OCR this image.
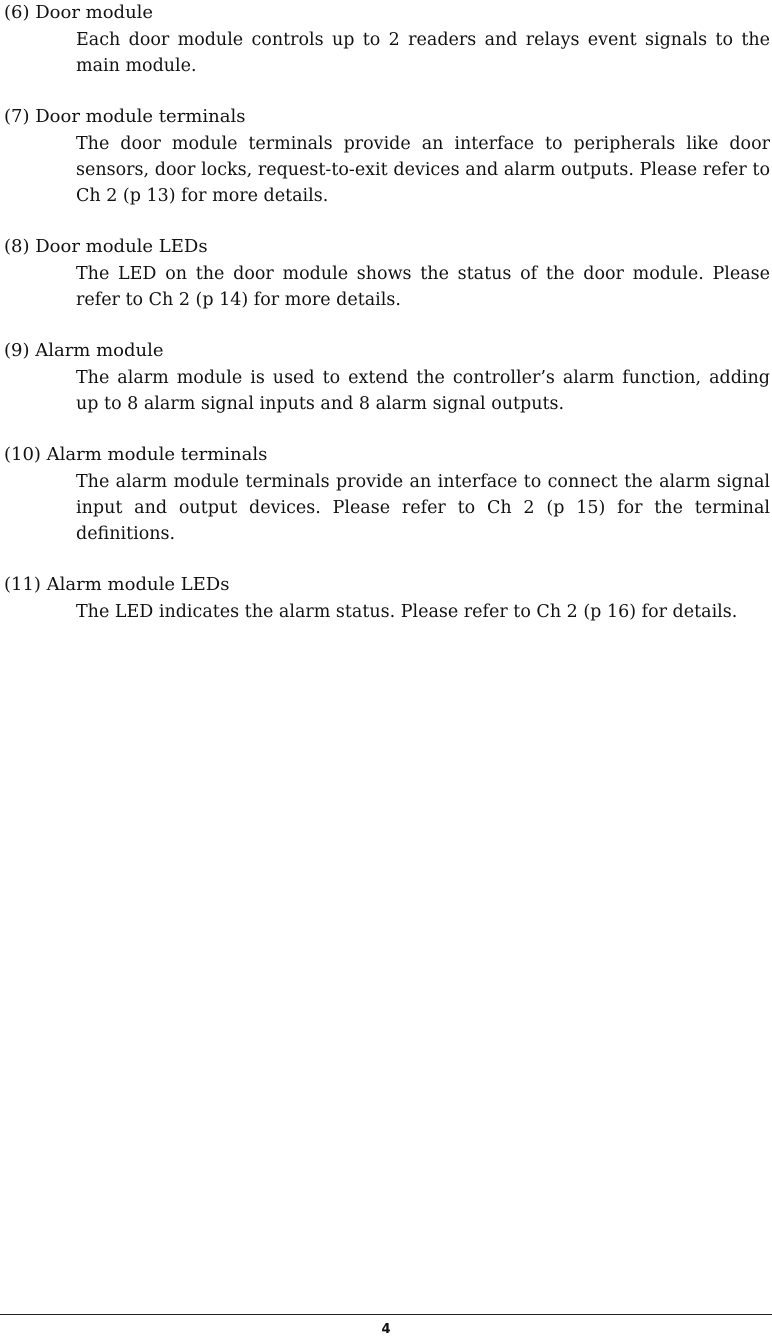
(6) Door module

Each door module controls up to 2 readers and relays event signals to the main module.

(7) Door module terminals

The door module terminals provide an interface to peripherals like door sensors, door locks, request-to-exit devices and alarm outputs. Please refer to Ch 2 (p 13) for more details.

(8) Door module LEDs

The LED on the door module shows the status of the door module. Please refer to Ch 2 (p 14) for more details.

(9) Alarm module

The alarm module is used to extend the controller’s alarm function, adding up to 8 alarm signal inputs and 8 alarm signal outputs.

(10) Alarm module terminals

The alarm module terminals provide an interface to connect the alarm signal input and output devices. Please refer to Ch 2 (p 15) for the terminal definitions.

(11) Alarm module LEDs

The LED indicates the alarm status. Please refer to Ch 2 (p 16) for details.

4
